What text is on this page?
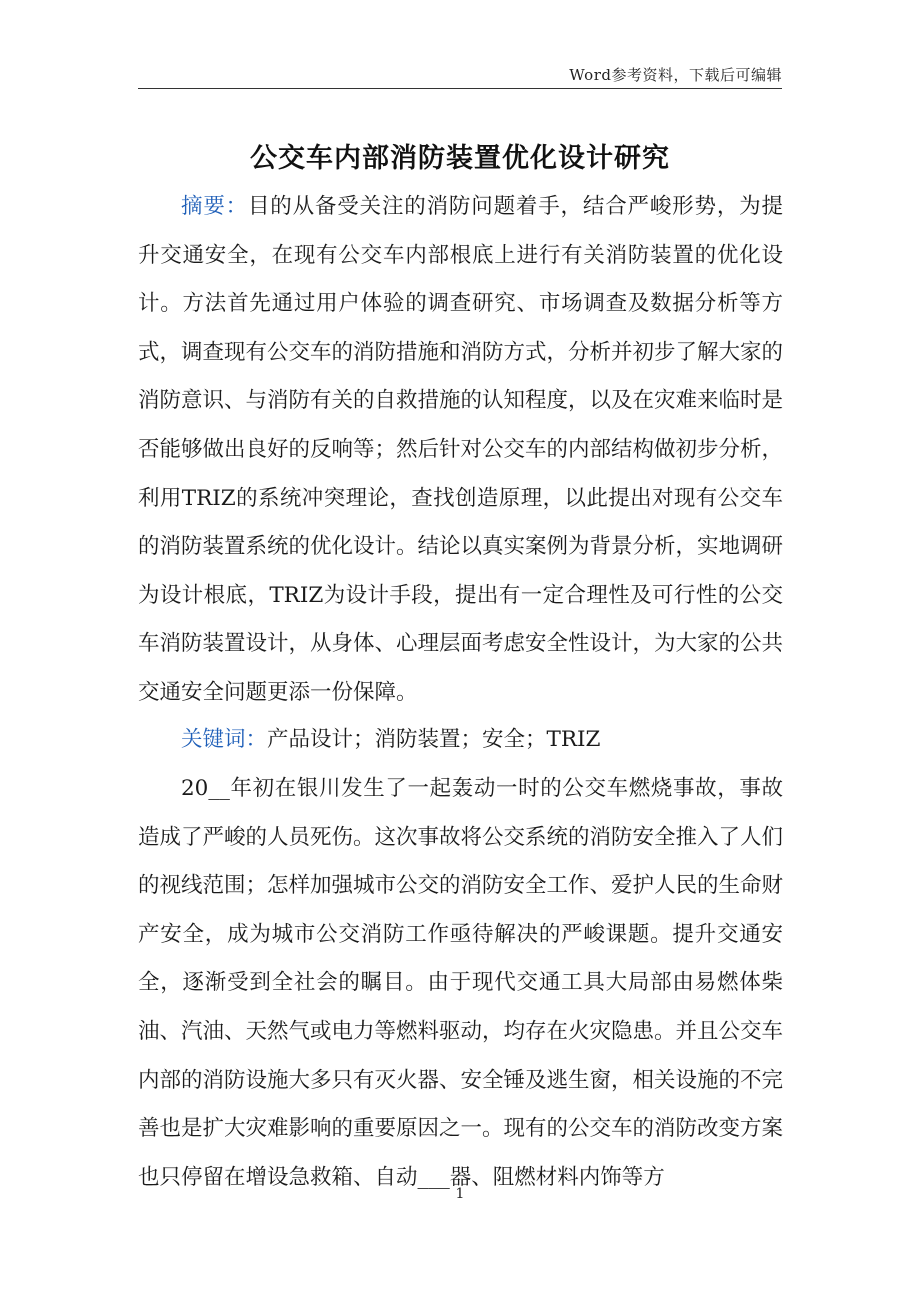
Word参考资料，下载后可编辑
公交车内部消防装置优化设计研究

摘要：目的从备受关注的消防问题着手，结合严峻形势，为提升交通安全，在现有公交车内部根底上进行有关消防装置的优化设计。方法首先通过用户体验的调查研究、市场调查及数据分析等方式，调查现有公交车的消防措施和消防方式，分析并初步了解大家的消防意识、与消防有关的自救措施的认知程度，以及在灾难来临时是否能够做出良好的反响等；然后针对公交车的内部结构做初步分析，利用TRIZ的系统冲突理论，查找创造原理，以此提出对现有公交车的消防装置系统的优化设计。结论以真实案例为背景分析，实地调研为设计根底，TRIZ为设计手段，提出有一定合理性及可行性的公交车消防装置设计，从身体、心理层面考虑安全性设计，为大家的公共交通安全问题更添一份保障。

关键词：产品设计；消防装置；安全；TRIZ

20__年初在银川发生了一起轰动一时的公交车燃烧事故，事故造成了严峻的人员死伤。这次事故将公交系统的消防安全推入了人们的视线范围；怎样加强城市公交的消防安全工作、爱护人民的生命财产安全，成为城市公交消防工作亟待解决的严峻课题。提升交通安全，逐渐受到全社会的瞩目。由于现代交通工具大局部由易燃体柴油、汽油、天然气或电力等燃料驱动，均存在火灾隐患。并且公交车内部的消防设施大多只有灭火器、安全锤及逃生窗，相关设施的不完善也是扩大灾难影响的重要原因之一。现有的公交车的消防改变方案也只停留在增设急救箱、自动___器、阻燃材料内饰等方

1
